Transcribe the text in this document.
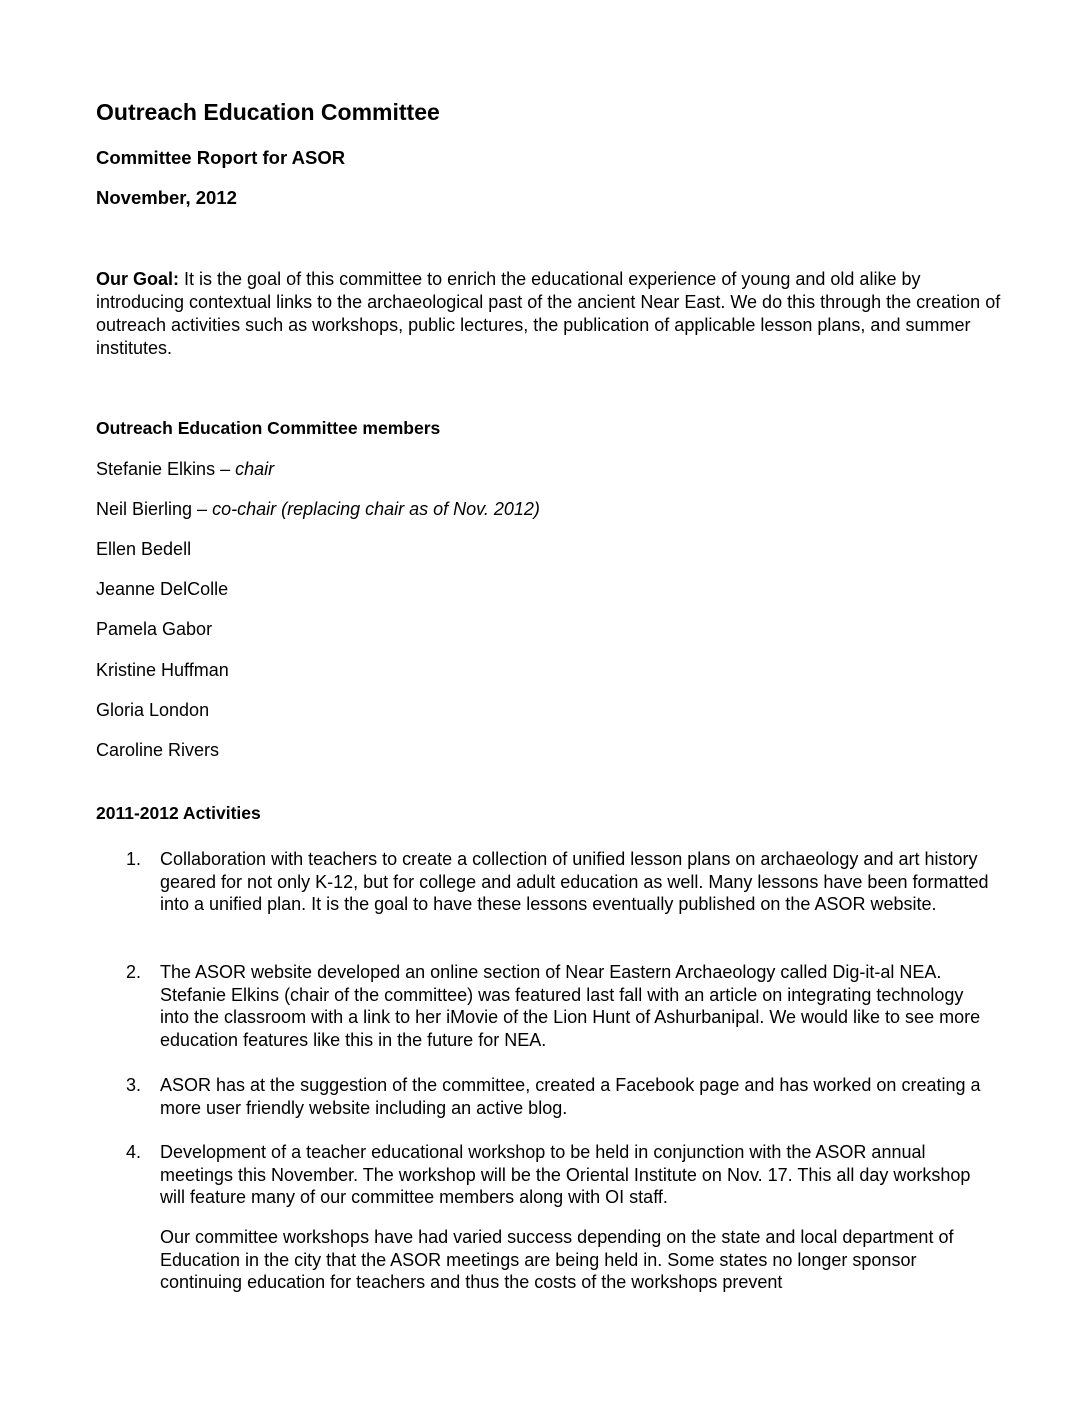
Outreach Education Committee
Committee Roport for ASOR
November, 2012
Our Goal: It is the goal of this committee to enrich the educational experience of young and old alike by introducing contextual links to the archaeological past of the ancient Near East. We do this through the creation of outreach activities such as workshops, public lectures, the publication of applicable lesson plans, and summer institutes.
Outreach Education Committee members
Stefanie Elkins – chair
Neil Bierling – co-chair (replacing chair as of Nov. 2012)
Ellen Bedell
Jeanne DelColle
Pamela Gabor
Kristine Huffman
Gloria London
Caroline Rivers
2011-2012 Activities
1.	Collaboration with teachers to create a collection of unified lesson plans on archaeology and art history geared for not only K-12, but for college and adult education as well. Many lessons have been formatted into a unified plan. It is the goal to have these lessons eventually published on the ASOR website.
2.	The ASOR website developed an online section of Near Eastern Archaeology called Dig-it-al NEA. Stefanie Elkins (chair of the committee) was featured last fall with an article on integrating technology into the classroom with a link to her iMovie of the Lion Hunt of Ashurbanipal. We would like to see more education features like this in the future for NEA.
3.	ASOR has at the suggestion of the committee, created a Facebook page and has worked on creating a more user friendly website including an active blog.
4.	Development of a teacher educational workshop to be held in conjunction with the ASOR annual meetings this November. The workshop will be the Oriental Institute on Nov. 17. This all day workshop will feature many of our committee members along with OI staff.
Our committee workshops have had varied success depending on the state and local department of Education in the city that the ASOR meetings are being held in. Some states no longer sponsor continuing education for teachers and thus the costs of the workshops prevent
